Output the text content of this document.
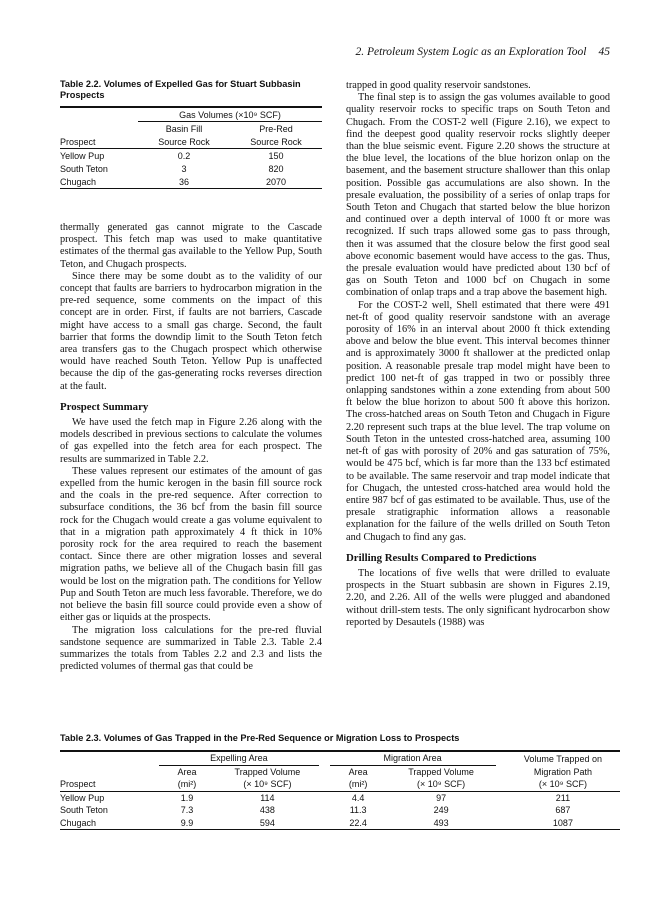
2. Petroleum System Logic as an Exploration Tool 45
Table 2.2. Volumes of Expelled Gas for Stuart Subbasin Prospects
	Gas Volumes (×10⁹ SCF)	
	Basin Fill	Pre-Red
Prospect	Source Rock	Source Rock
Yellow Pup	0.2	150
South Teton	3	820
Chugach	36	2070

thermally generated gas cannot migrate to the Cascade prospect. This fetch map was used to make quantitative estimates of the thermal gas available to the Yellow Pup, South Teton, and Chugach prospects.

Since there may be some doubt as to the validity of our concept that faults are barriers to hydrocarbon migration in the pre-red sequence, some comments on the impact of this concept are in order. First, if faults are not barriers, Cascade might have access to a small gas charge. Second, the fault barrier that forms the downdip limit to the South Teton fetch area transfers gas to the Chugach prospect which otherwise would have reached South Teton. Yellow Pup is unaffected because the dip of the gas-generating rocks reverses direction at the fault.

Prospect Summary

We have used the fetch map in Figure 2.26 along with the models described in previous sections to calculate the volumes of gas expelled into the fetch area for each prospect. The results are summarized in Table 2.2.

These values represent our estimates of the amount of gas expelled from the humic kerogen in the basin fill source rock and the coals in the pre-red sequence. After correction to subsurface conditions, the 36 bcf from the basin fill source rock for the Chugach would create a gas volume equivalent to that in a migration path approximately 4 ft thick in 10% porosity rock for the area required to reach the basement contact. Since there are other migration losses and several migration paths, we believe all of the Chugach basin fill gas would be lost on the migration path. The conditions for Yellow Pup and South Teton are much less favorable. Therefore, we do not believe the basin fill source could provide even a show of either gas or liquids at the prospects.

The migration loss calculations for the pre-red fluvial sandstone sequence are summarized in Table 2.3. Table 2.4 summarizes the totals from Tables 2.2 and 2.3 and lists the predicted volumes of thermal gas that could be

trapped in good quality reservoir sandstones.

The final step is to assign the gas volumes available to good quality reservoir rocks to specific traps on South Teton and Chugach. From the COST-2 well (Figure 2.16), we expect to find the deepest good quality reservoir rocks slightly deeper than the blue seismic event. Figure 2.20 shows the structure at the blue level, the locations of the blue horizon onlap on the basement, and the basement structure shallower than this onlap position. Possible gas accumulations are also shown. In the presale evaluation, the possibility of a series of onlap traps for South Teton and Chugach that started below the blue horizon and continued over a depth interval of 1000 ft or more was recognized. If such traps allowed some gas to pass through, then it was assumed that the closure below the first good seal above economic basement would have access to the gas. Thus, the presale evaluation would have predicted about 130 bcf of gas on South Teton and 1000 bcf on Chugach in some combination of onlap traps and a trap above the basement high.

For the COST-2 well, Shell estimated that there were 491 net-ft of good quality reservoir sandstone with an average porosity of 16% in an interval about 2000 ft thick extending above and below the blue event. This interval becomes thinner and is approximately 3000 ft shallower at the predicted onlap position. A reasonable presale trap model might have been to predict 100 net-ft of gas trapped in two or possibly three onlapping sandstones within a zone extending from about 500 ft below the blue horizon to about 500 ft above this horizon. The cross-hatched areas on South Teton and Chugach in Figure 2.20 represent such traps at the blue level. The trap volume on South Teton in the untested cross-hatched area, assuming 100 net-ft of gas with porosity of 20% and gas saturation of 75%, would be 475 bcf, which is far more than the 133 bcf estimated to be available. The same reservoir and trap model indicate that for Chugach, the untested cross-hatched area would hold the entire 987 bcf of gas estimated to be available. Thus, use of the presale stratigraphic information allows a reasonable explanation for the failure of the wells drilled on South Teton and Chugach to find any gas.

Drilling Results Compared to Predictions

The locations of five wells that were drilled to evaluate prospects in the Stuart subbasin are shown in Figures 2.19, 2.20, and 2.26. All of the wells were plugged and abandoned without drill-stem tests. The only significant hydrocarbon show reported by Desautels (1988) was

Table 2.3. Volumes of Gas Trapped in the Pre-Red Sequence or Migration Loss to Prospects
	Expelling Area			Migration Area			Volume Trapped on
	Area	Trapped Volume		Area	Trapped Volume		Migration Path
Prospect	(mi²)	(× 10⁹ SCF)		(mi²)	(× 10⁹ SCF)		(× 10⁹ SCF)
Yellow Pup	1.9	114		4.4	97		211
South Teton	7.3	438		11.3	249		687
Chugach	9.9	594		22.4	493		1087
